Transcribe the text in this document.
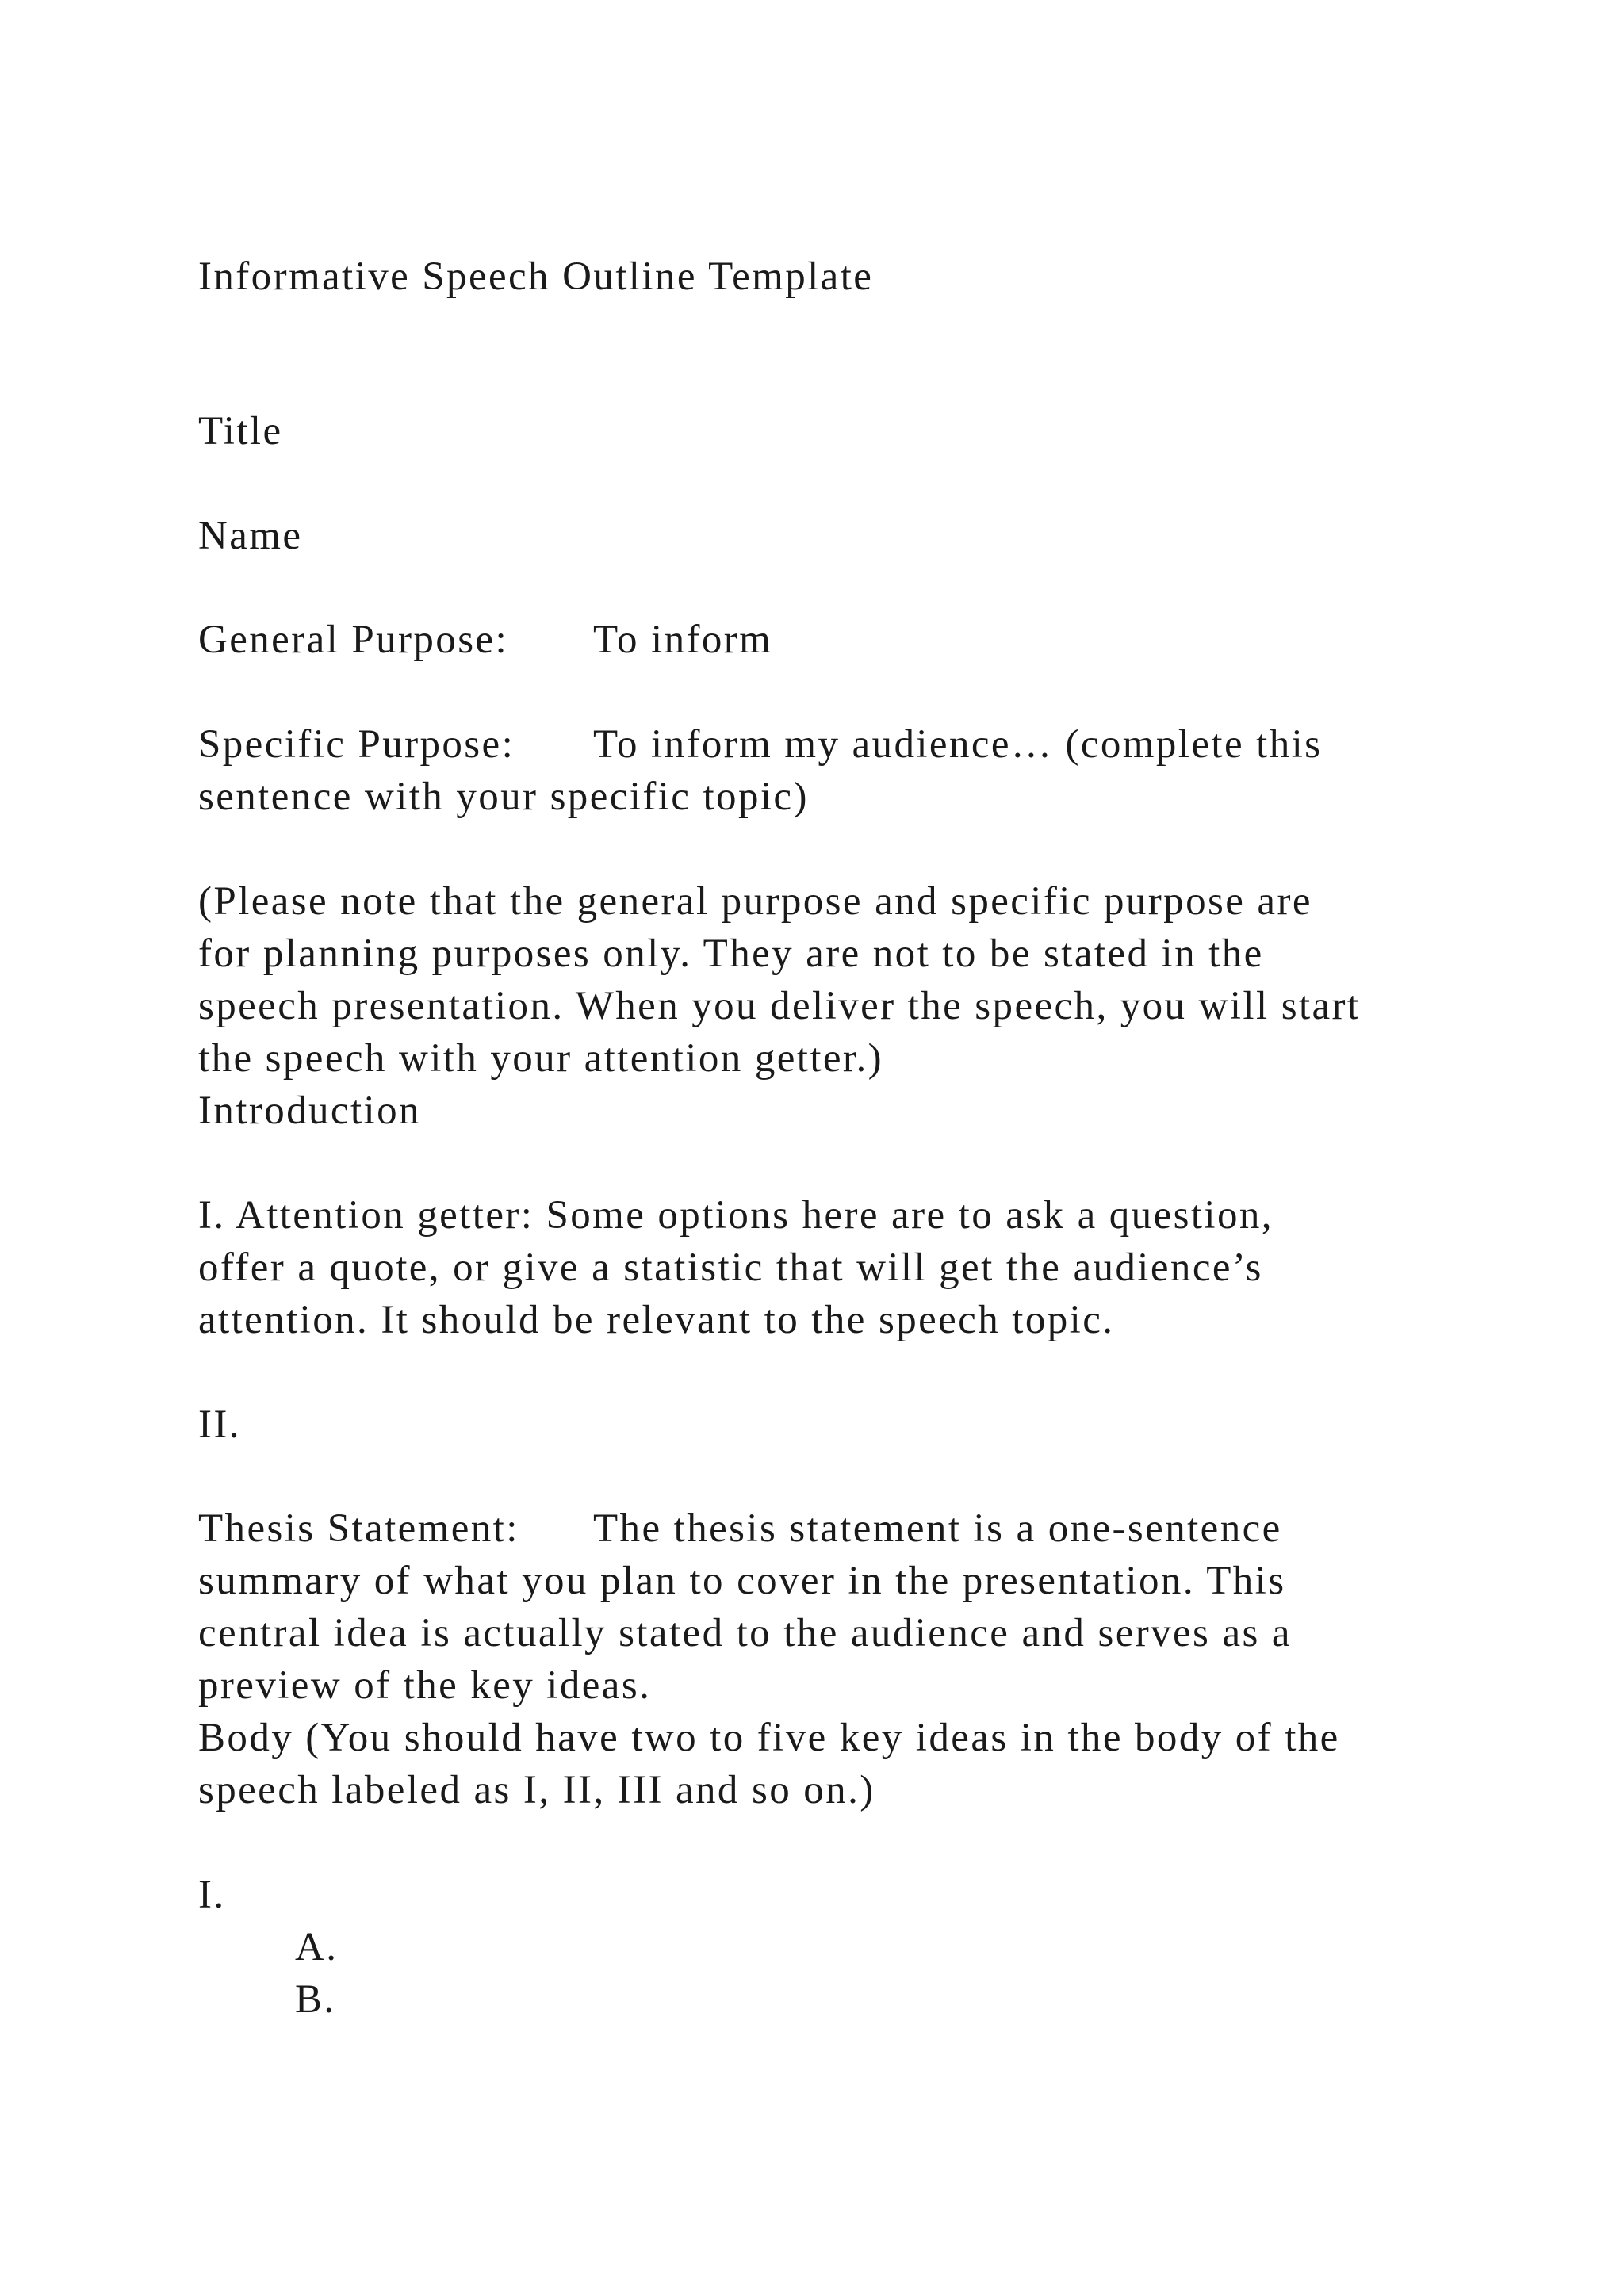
Informative Speech Outline Template

Title

Name

General Purpose: To inform

Specific Purpose: To inform my audience… (complete this

sentence with your specific topic)

(Please note that the general purpose and specific purpose are

for planning purposes only. They are not to be stated in the

speech presentation. When you deliver the speech, you will start

the speech with your attention getter.)

Introduction

I. Attention getter: Some options here are to ask a question,

offer a quote, or give a statistic that will get the audience’s

attention. It should be relevant to the speech topic.

II.

Thesis Statement: The thesis statement is a one-sentence

summary of what you plan to cover in the presentation. This

central idea is actually stated to the audience and serves as a

preview of the key ideas.

Body (You should have two to five key ideas in the body of the

speech labeled as I, II, III and so on.)

I.

A.

B.
